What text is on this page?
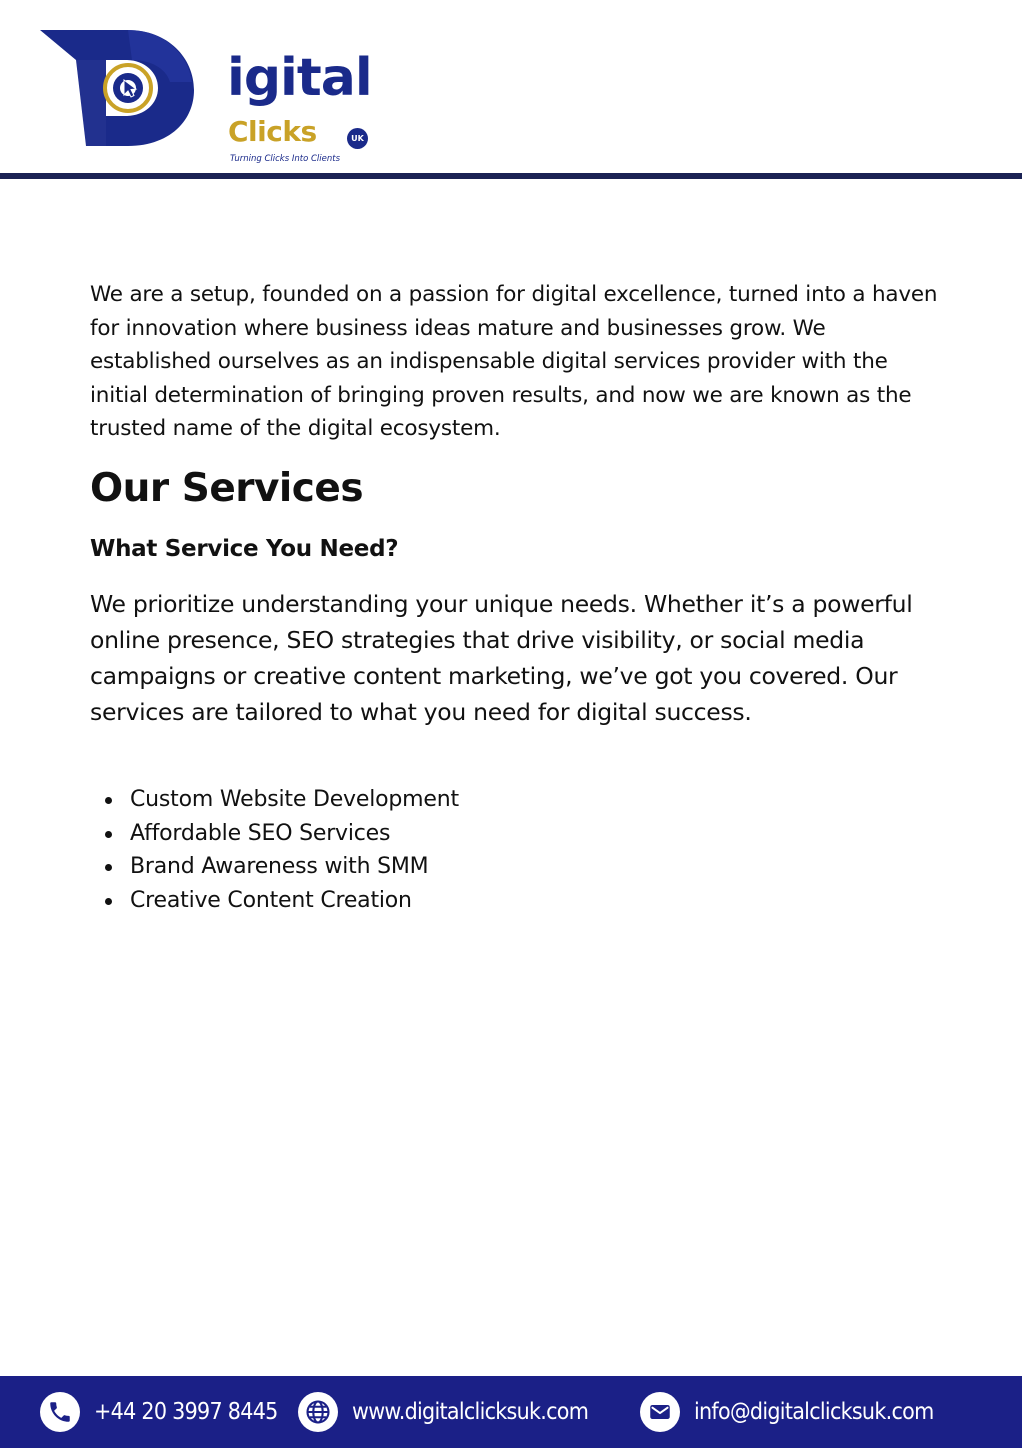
igital
Clicks	UK
Turning Clicks Into Clients

We are a setup, founded on a passion for digital excellence, turned into a haven for innovation where business ideas mature and businesses grow. We established ourselves as an indispensable digital services provider with the initial determination of bringing proven results, and now we are known as the trusted name of the digital ecosystem.

Our Services
What Service You Need?

We prioritize understanding your unique needs. Whether it’s a powerful online presence, SEO strategies that drive visibility, or social media campaigns or creative content marketing, we’ve got you covered. Our services are tailored to what you need for digital success.

Custom Website Development
Affordable SEO Services
Brand Awareness with SMM
Creative Content Creation
+44 20 3997 8445	www.digitalclicksuk.com	info@digitalclicksuk.com
